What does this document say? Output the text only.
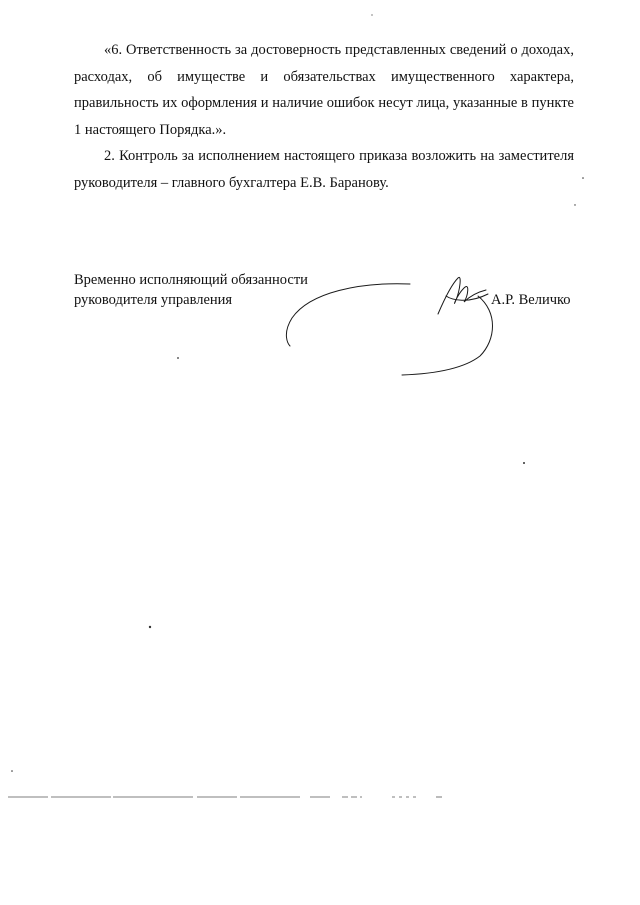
«6. Ответственность за достоверность представленных сведений о доходах, расходах, об имуществе и обязательствах имущественного характера, правильность их оформления и наличие ошибок несут лица, указанные в пункте 1 настоящего Порядка.».

2. Контроль за исполнением настоящего приказа возложить на заместителя руководителя – главного бухгалтера Е.В. Баранову.

Временно исполняющий обязанности
руководителя управления	А.Р. Величко
